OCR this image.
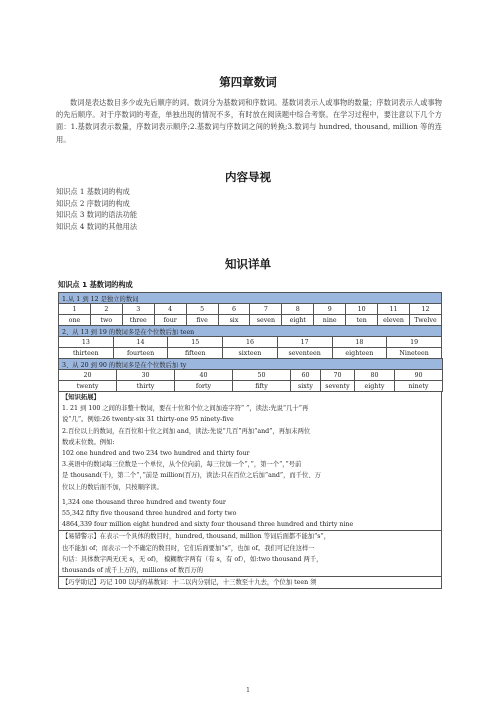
第四章数词

数词是表达数目多少或先后顺序的词。数词分为基数词和序数词。基数词表示人或事物的数量；序数词表示人或事物的先后顺序。对于序数词的考查，单独出现的情况不多，有时放在阅读题中综合考察。在学习过程中，要注意以下几个方面：1.基数词表示数量，序数词表示顺序;2.基数词与序数词之间的转换;3.数词与 hundred, thousand, million 等的连用。

内容导视
知识点 1 基数词的构成
知识点 2 序数词的构成
知识点 3 数词的语法功能
知识点 4 数词的其他用法
知识详单
知识点 1 基数词的构成
1.从 1 到 12 是独立的数词											
1	2	3	4	5	6	7	8	9	10	11	12
one	two	three	four	five	six	seven	eight	nine	ten	eleven	Twelve
2、从 13 到 19 的数词多是在个位数后加 teen						
13	14	15	16	17	18	19
thirteen	fourteen	fifteen	sixteen	seventeen	eighteen	Nineteen
3、从 20 到 90 的数词多是在个位数后加 ty							
20	30	40	50	60	70	80	90
twenty	thirty	forty	fifty	sixty	seventy	eighty	ninety
【知识拓展】
1. 21 到 100 之间的非整十数词，要在十位和个位之间加连字符“ ”，读法:先说“几十”再
说“几”。例如:26 twenty-six 31 thirty-one 95 ninety-five
2.百位以上的数词，在百位和十位之间加 and，读法:先说“几百”再加“and”，再加末两位
数或末位数。例如:
102 one hundred and two 234 two hundred and thirty four
3.英语中的数词每三位数是一个单位，从个位向前，每三位加一个“，”，第一个“，”号前
是 thousand(千)，第二个“，”前是 million(百万)，读法:只在百位之后加“and”，而千位、万
位以上的数后面不加，只按顺序读。
1,324 one thousand three hundred and twenty four
55,342 fifty five thousand three hundred and forty two
4864,339 four million eight hundred and sixty four thousand three hundred and thirty nine
【易错警示】在表示一个具体的数目时，hundred, thousand, million 等词后面都不能加“s”，
也不能加 of；而表示一个不确定的数目时，它们后面要加“s”，也加 of。我们可记住这样一
句话：具体数字两无(无 s，无 of)， 模糊数字两有（有 s，有 of），如:two thousand 两千，
thousands of 成千上万的，millions of 数百万的
【巧学助记】巧记 100 以内的基数词：十二以内分别记，十三数至十九去，个位加 teen 须
1
